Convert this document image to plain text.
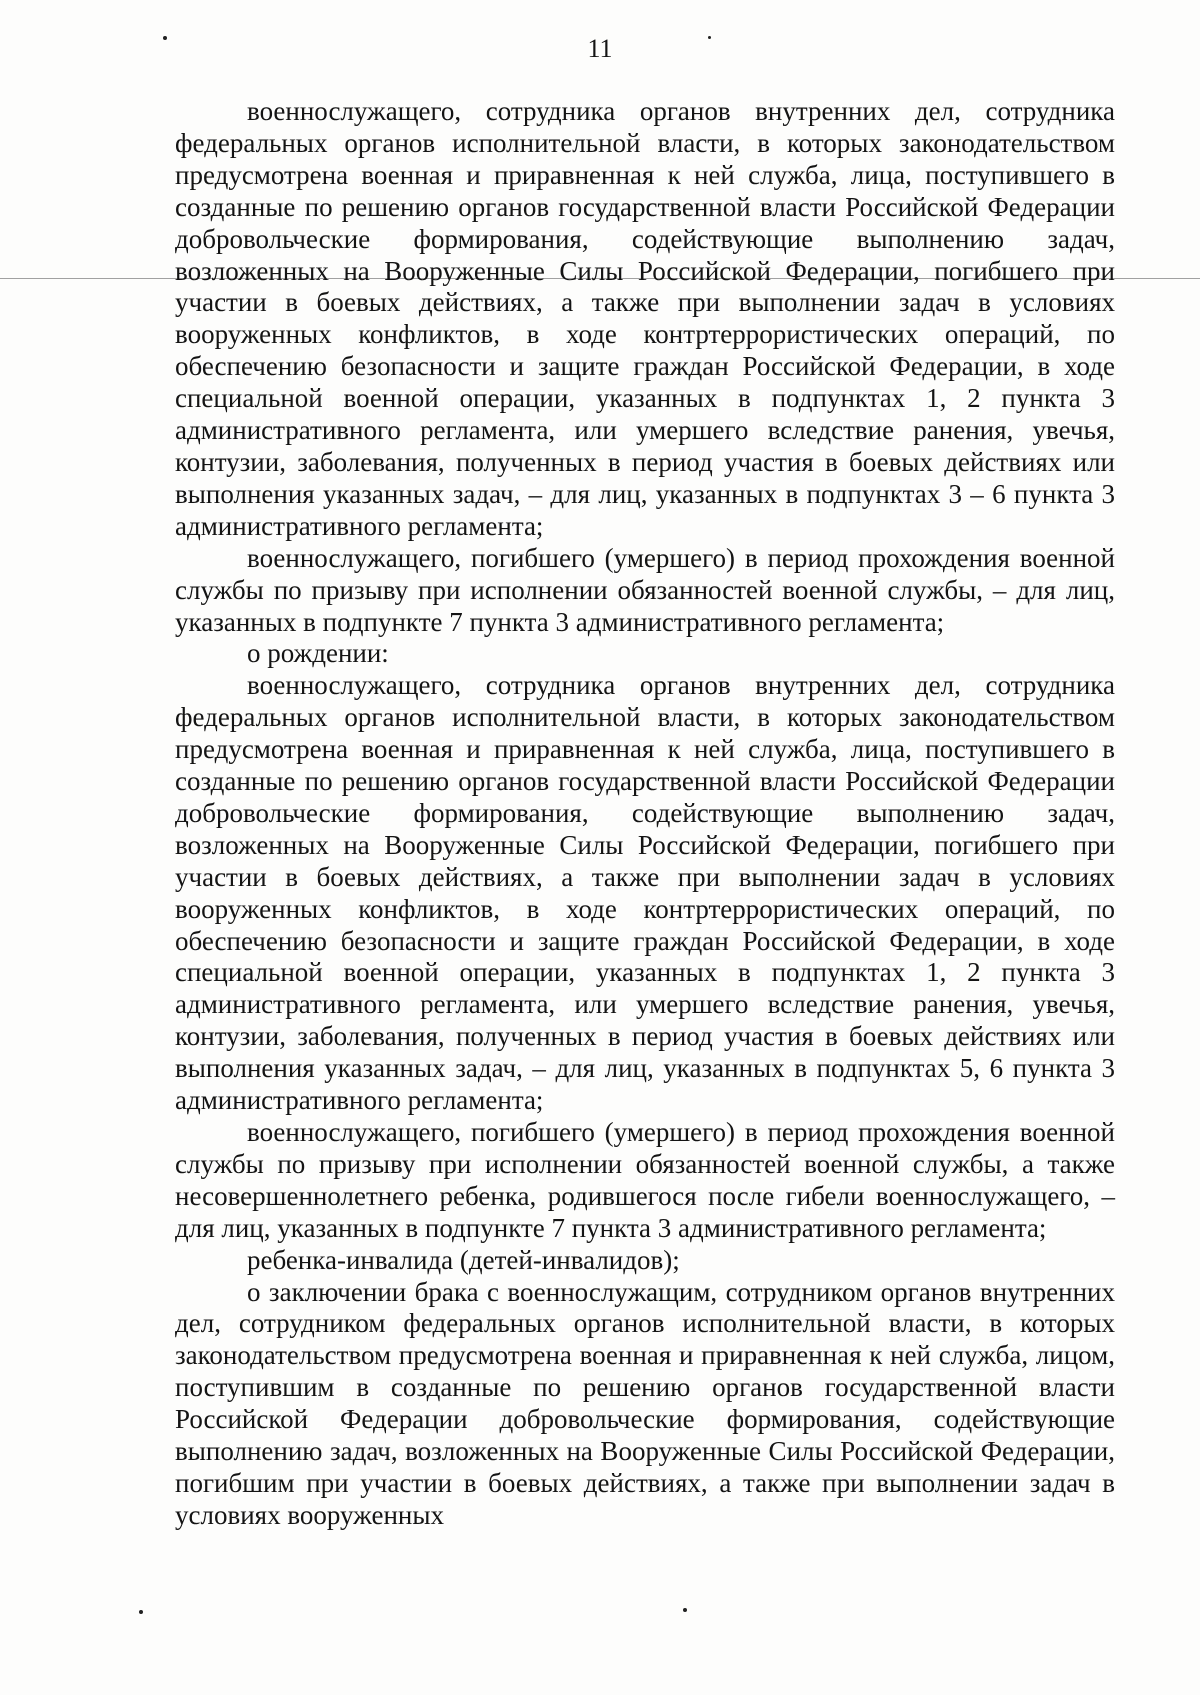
11

военнослужащего, сотрудника органов внутренних дел, сотрудника федеральных органов исполнительной власти, в которых законодательством предусмотрена военная и приравненная к ней служба, лица, поступившего в созданные по решению органов государственной власти Российской Федерации добровольческие формирования, содействующие выполнению задач, возложенных на Вооруженные Силы Российской Федерации, погибшего при участии в боевых действиях, а также при выполнении задач в условиях вооруженных конфликтов, в ходе контртеррористических операций, по обеспечению безопасности и защите граждан Российской Федерации, в ходе специальной военной операции, указанных в подпунктах 1, 2 пункта 3 административного регламента, или умершего вследствие ранения, увечья, контузии, заболевания, полученных в период участия в боевых действиях или выполнения указанных задач, – для лиц, указанных в подпунктах 3 – 6 пункта 3 административного регламента;

военнослужащего, погибшего (умершего) в период прохождения военной службы по призыву при исполнении обязанностей военной службы, – для лиц, указанных в подпункте 7 пункта 3 административного регламента;

о рождении:

военнослужащего, сотрудника органов внутренних дел, сотрудника федеральных органов исполнительной власти, в которых законодательством предусмотрена военная и приравненная к ней служба, лица, поступившего в созданные по решению органов государственной власти Российской Федерации добровольческие формирования, содействующие выполнению задач, возложенных на Вооруженные Силы Российской Федерации, погибшего при участии в боевых действиях, а также при выполнении задач в условиях вооруженных конфликтов, в ходе контртеррористических операций, по обеспечению безопасности и защите граждан Российской Федерации, в ходе специальной военной операции, указанных в подпунктах 1, 2 пункта 3 административного регламента, или умершего вследствие ранения, увечья, контузии, заболевания, полученных в период участия в боевых действиях или выполнения указанных задач, – для лиц, указанных в подпунктах 5, 6 пункта 3 административного регламента;

военнослужащего, погибшего (умершего) в период прохождения военной службы по призыву при исполнении обязанностей военной службы, а также несовершеннолетнего ребенка, родившегося после гибели военнослужащего, – для лиц, указанных в подпункте 7 пункта 3 административного регламента;

ребенка-инвалида (детей-инвалидов);

о заключении брака с военнослужащим, сотрудником органов внутренних дел, сотрудником федеральных органов исполнительной власти, в которых законодательством предусмотрена военная и приравненная к ней служба, лицом, поступившим в созданные по решению органов государственной власти Российской Федерации добровольческие формирования, содействующие выполнению задач, возложенных на Вооруженные Силы Российской Федерации, погибшим при участии в боевых действиях, а также при выполнении задач в условиях вооруженных
